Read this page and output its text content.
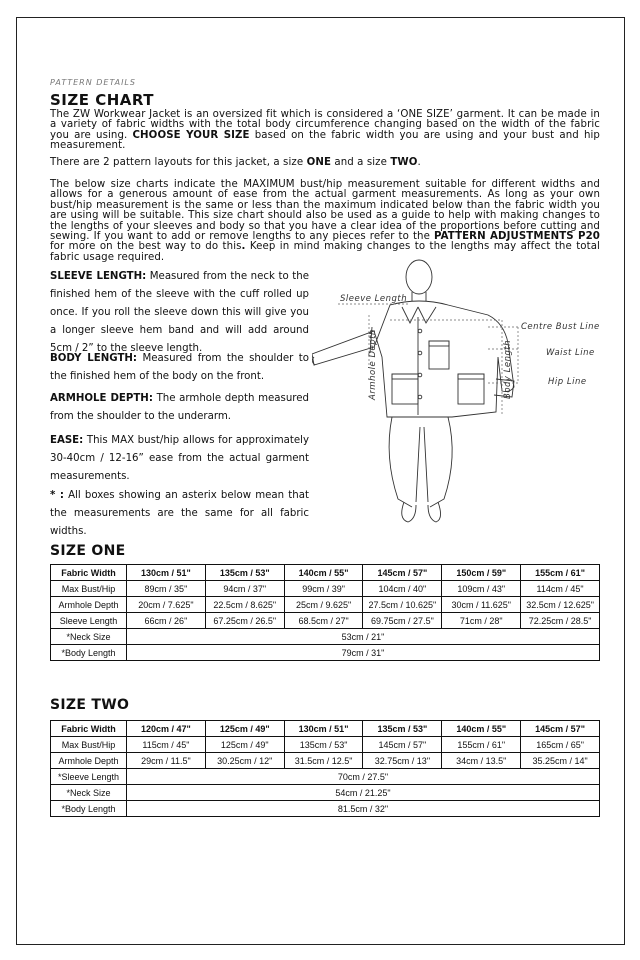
PATTERN DETAILS
SIZE CHART

The ZW Workwear Jacket is an oversized fit which is considered a ‘ONE SIZE’ garment. It can be made in a variety of fabric widths with the total body circumference changing based on the width of the fabric you are using. CHOOSE YOUR SIZE based on the fabric width you are using and your bust and hip measurement.

There are 2 pattern layouts for this jacket, a size ONE and a size TWO.

The below size charts indicate the MAXIMUM bust/hip measurement suitable for different widths and allows for a generous amount of ease from the actual garment measurements. As long as your own bust/hip measurement is the same or less than the maximum indicated below than the fabric width you are using will be suitable. This size chart should also be used as a guide to help with making changes to the lengths of your sleeves and body so that you have a clear idea of the proportions before cutting and sewing. If you want to add or remove lengths to any pieces refer to the PATTERN ADJUSTMENTS P20 for more on the best way to do this. Keep in mind making changes to the lengths may affect the total fabric usage required.

SLEEVE LENGTH: Measured from the neck to the finished hem of the sleeve with the cuff rolled up once. If you roll the sleeve down this will give you a longer sleeve hem band and will add around 5cm / 2” to the sleeve length.

BODY LENGTH: Measured from the shoulder to the finished hem of the body on the front.

ARMHOLE DEPTH: The armhole depth measured from the shoulder to the underarm.

EASE: This MAX bust/hip allows for approximately 30-40cm / 12-16” ease from the actual garment measurements.

* : All boxes showing an asterix below mean that the measurements are the same for all fabric widths.

Sleeve Length
Armhole Depth	Body Length
Centre Bust Line
Waist Line
Hip Line
SIZE ONE
Fabric Width	130cm / 51"	135cm / 53"	140cm / 55"	145cm / 57"	150cm / 59"	155cm / 61"
Max Bust/Hip	89cm / 35"	94cm / 37"	99cm / 39"	104cm / 40"	109cm / 43"	114cm / 45"
Armhole Depth	20cm / 7.625"	22.5cm / 8.625"	25cm / 9.625"	27.5cm / 10.625"	30cm / 11.625"	32.5cm / 12.625"
Sleeve Length	66cm / 26"	67.25cm / 26.5"	68.5cm / 27"	69.75cm / 27.5"	71cm / 28"	72.25cm / 28.5"
*Neck Size	53cm / 21"					
*Body Length	79cm / 31"					
SIZE TWO
Fabric Width	120cm / 47"	125cm / 49"	130cm / 51"	135cm / 53"	140cm / 55"	145cm / 57"
Max Bust/Hip	115cm / 45"	125cm / 49"	135cm / 53"	145cm / 57"	155cm / 61"	165cm / 65"
Armhole Depth	29cm / 11.5"	30.25cm / 12"	31.5cm / 12.5"	32.75cm / 13"	34cm / 13.5"	35.25cm / 14"
*Sleeve Length	70cm / 27.5"					
*Neck Size	54cm / 21.25"					
*Body Length	81.5cm / 32"					
